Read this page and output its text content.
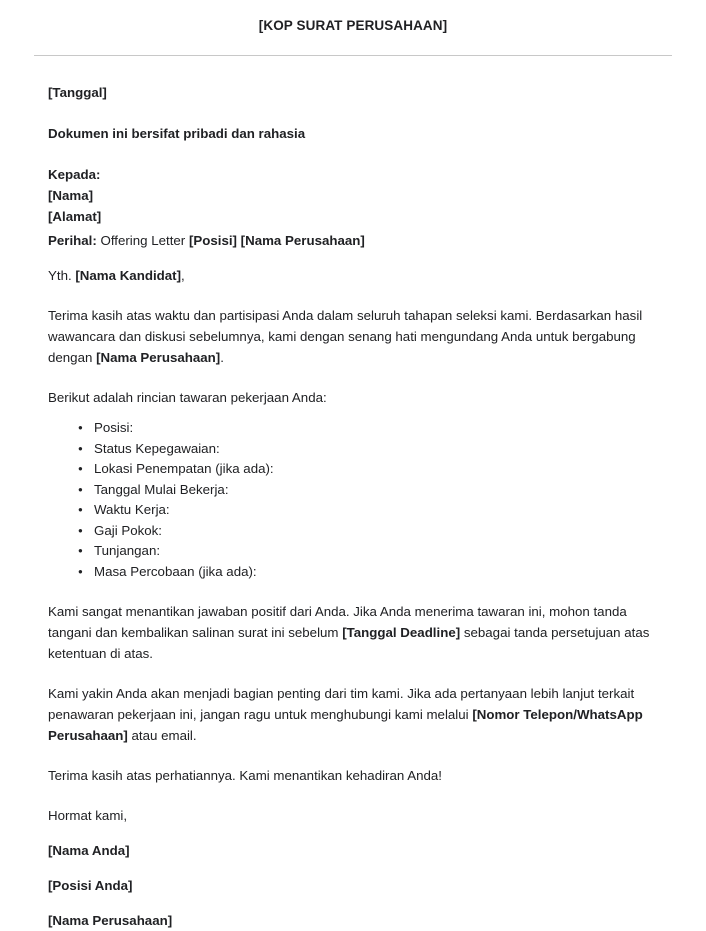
[KOP SURAT PERUSAHAAN]

[Tanggal]

Dokumen ini bersifat pribadi dan rahasia

Kepada:

[Nama]

[Alamat]

Perihal: Offering Letter [Posisi] [Nama Perusahaan]

Yth. [Nama Kandidat],

Terima kasih atas waktu dan partisipasi Anda dalam seluruh tahapan seleksi kami. Berdasarkan hasil wawancara dan diskusi sebelumnya, kami dengan senang hati mengundang Anda untuk bergabung dengan [Nama Perusahaan].

Berikut adalah rincian tawaran pekerjaan Anda:

● Posisi:
● Status Kepegawaian:
● Lokasi Penempatan (jika ada):
● Tanggal Mulai Bekerja:
● Waktu Kerja:
● Gaji Pokok:
● Tunjangan:
● Masa Percobaan (jika ada):

Kami sangat menantikan jawaban positif dari Anda. Jika Anda menerima tawaran ini, mohon tanda tangani dan kembalikan salinan surat ini sebelum [Tanggal Deadline] sebagai tanda persetujuan atas ketentuan di atas.

Kami yakin Anda akan menjadi bagian penting dari tim kami. Jika ada pertanyaan lebih lanjut terkait penawaran pekerjaan ini, jangan ragu untuk menghubungi kami melalui [Nomor Telepon/WhatsApp Perusahaan] atau email.

Terima kasih atas perhatiannya. Kami menantikan kehadiran Anda!

Hormat kami,

[Nama Anda]

[Posisi Anda]

[Nama Perusahaan]
